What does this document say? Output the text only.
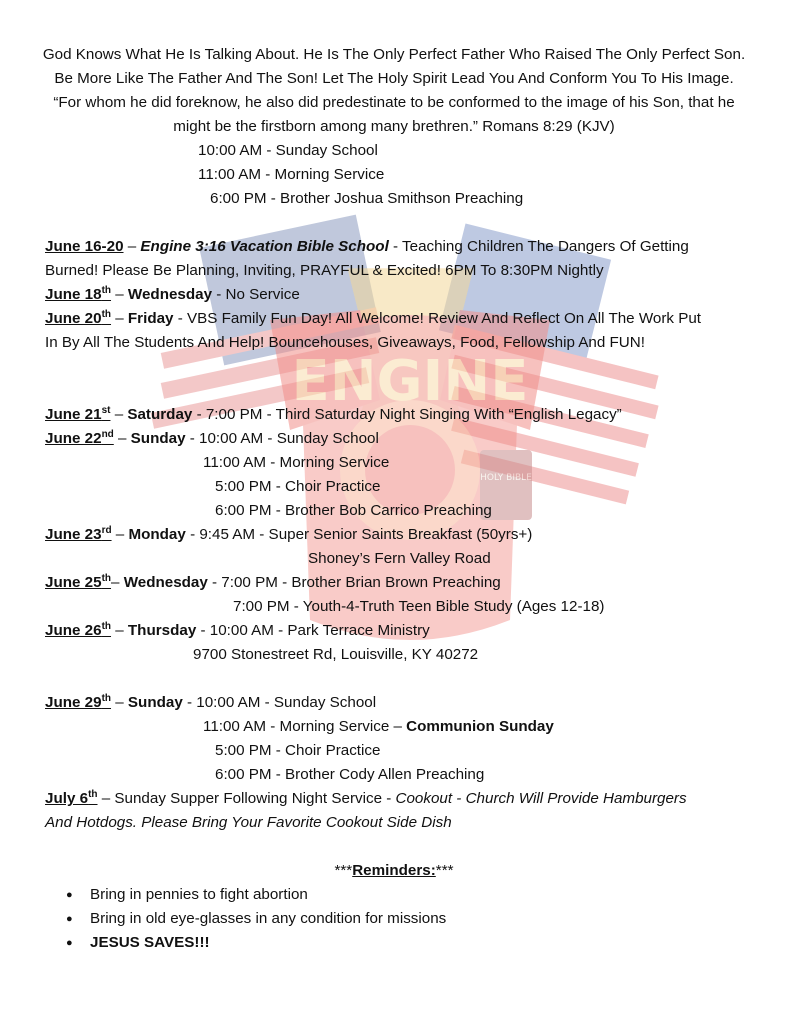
ENGINE
HOLY BIBLE
God Knows What He Is Talking About. He Is The Only Perfect Father Who Raised The Only Perfect Son. Be More Like The Father And The Son! Let The Holy Spirit Lead You And Conform You To His Image. “For whom he did foreknow, he also did predestinate to be conformed to the image of his Son, that he might be the firstborn among many brethren.” Romans 8:29 (KJV)
10:00 AM - Sunday School
11:00 AM - Morning Service
6:00 PM - Brother Joshua Smithson Preaching
June 16-20 – Engine 3:16 Vacation Bible School - Teaching Children The Dangers Of Getting
Burned! Please Be Planning, Inviting, PRAYFUL & Excited! 6PM To 8:30PM Nightly
June 18th – Wednesday - No Service
June 20th – Friday - VBS Family Fun Day! All Welcome! Review And Reflect On All The Work Put
In By All The Students And Help! Bouncehouses, Giveaways, Food, Fellowship And FUN!
June 21st – Saturday - 7:00 PM - Third Saturday Night Singing With “English Legacy”
June 22nd – Sunday - 10:00 AM - Sunday School
11:00 AM - Morning Service
5:00 PM - Choir Practice
6:00 PM - Brother Bob Carrico Preaching
June 23rd – Monday - 9:45 AM - Super Senior Saints Breakfast (50yrs+)
Shoney’s Fern Valley Road
June 25th– Wednesday - 7:00 PM - Brother Brian Brown Preaching
7:00 PM - Youth-4-Truth Teen Bible Study (Ages 12-18)
June 26th – Thursday - 10:00 AM - Park Terrace Ministry
9700 Stonestreet Rd, Louisville, KY 40272
June 29th – Sunday - 10:00 AM - Sunday School
11:00 AM - Morning Service – Communion Sunday
5:00 PM - Choir Practice
6:00 PM - Brother Cody Allen Preaching
July 6th – Sunday Supper Following Night Service - Cookout - Church Will Provide Hamburgers
And Hotdogs. Please Bring Your Favorite Cookout Side Dish
***Reminders:***
● Bring in pennies to fight abortion
● Bring in old eye-glasses in any condition for missions
● JESUS SAVES!!!
